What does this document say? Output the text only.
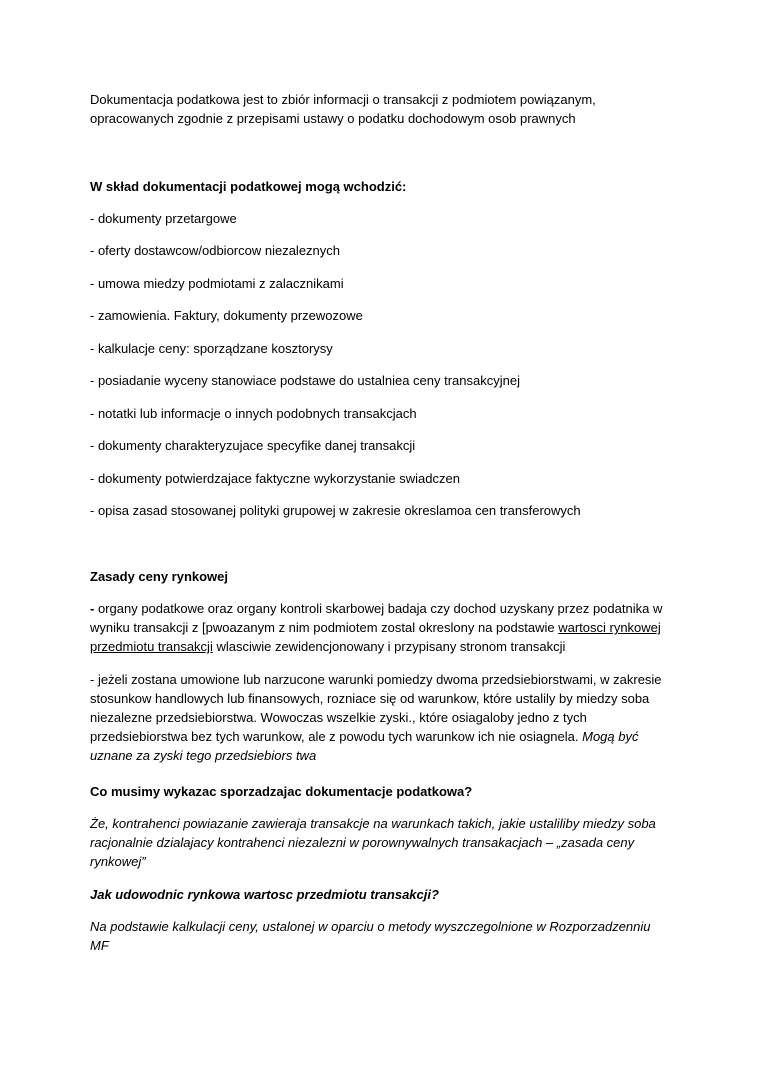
Dokumentacja podatkowa jest to zbiór informacji o transakcji z podmiotem powiązanym, opracowanych zgodnie z przepisami ustawy o podatku dochodowym osob prawnych
W skład dokumentacji podatkowej mogą wchodzić:
- dokumenty przetargowe
- oferty dostawcow/odbiorcow niezaleznych
- umowa miedzy podmiotami z zalacznikami
- zamowienia. Faktury, dokumenty przewozowe
- kalkulacje ceny: sporządzane kosztorysy
- posiadanie wyceny stanowiace podstawe do ustalniea ceny transakcyjnej
- notatki lub informacje o innych podobnych transakcjach
- dokumenty charakteryzujace specyfike danej transakcji
- dokumenty potwierdzajace faktyczne wykorzystanie swiadczen
- opisa zasad stosowanej polityki grupowej w zakresie okreslamoa cen transferowych
Zasady ceny rynkowej
- organy podatkowe oraz organy kontroli skarbowej badaja czy dochod uzyskany przez podatnika w wyniku transakcji z [pwoazanym z nim podmiotem zostal okreslony na podstawie wartosci rynkowej przedmiotu transakcji wlasciwie zewidencjonowany i przypisany stronom transakcji
- jeżeli zostana umowione lub narzucone warunki pomiedzy dwoma przedsiebiorstwami, w zakresie stosunkow handlowych lub finansowych, rozniace się od warunkow, które ustalily by miedzy soba niezalezne przedsiebiorstwa. Wowoczas wszelkie zyski., które osiagaloby jedno z tych przedsiebiorstwa bez tych warunkow, ale z powodu tych warunkow ich nie osiagnela. Mogą być uznane za zyski tego przedsiebiors twa
Co musimy wykazac sporzadzajac dokumentacje podatkowa?
Że, kontrahenci powiazanie zawieraja transakcje na warunkach takich, jakie ustaliliby miedzy soba racjonalnie dzialajacy kontrahenci niezalezni w porownywalnych transakacjach – „zasada ceny rynkowej”
Jak udowodnic rynkowa wartosc przedmiotu transakcji?
Na podstawie kalkulacji ceny, ustalonej w oparciu o metody wyszczegolnione w Rozporzadzenniu MF
